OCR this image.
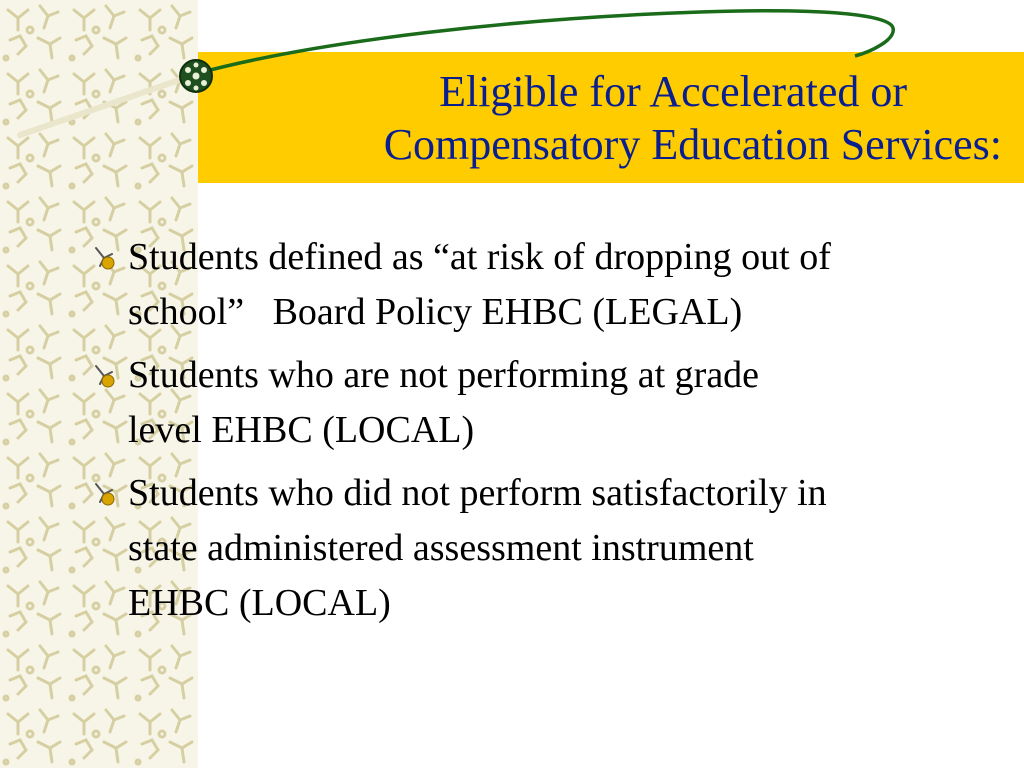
Eligible for Accelerated or
Compensatory Education Services:
Students defined as “at risk of dropping out of
school”   Board Policy EHBC (LEGAL)
Students who are not performing at grade
level EHBC (LOCAL)
Students who did not perform satisfactorily in
state administered assessment instrument
EHBC (LOCAL)
